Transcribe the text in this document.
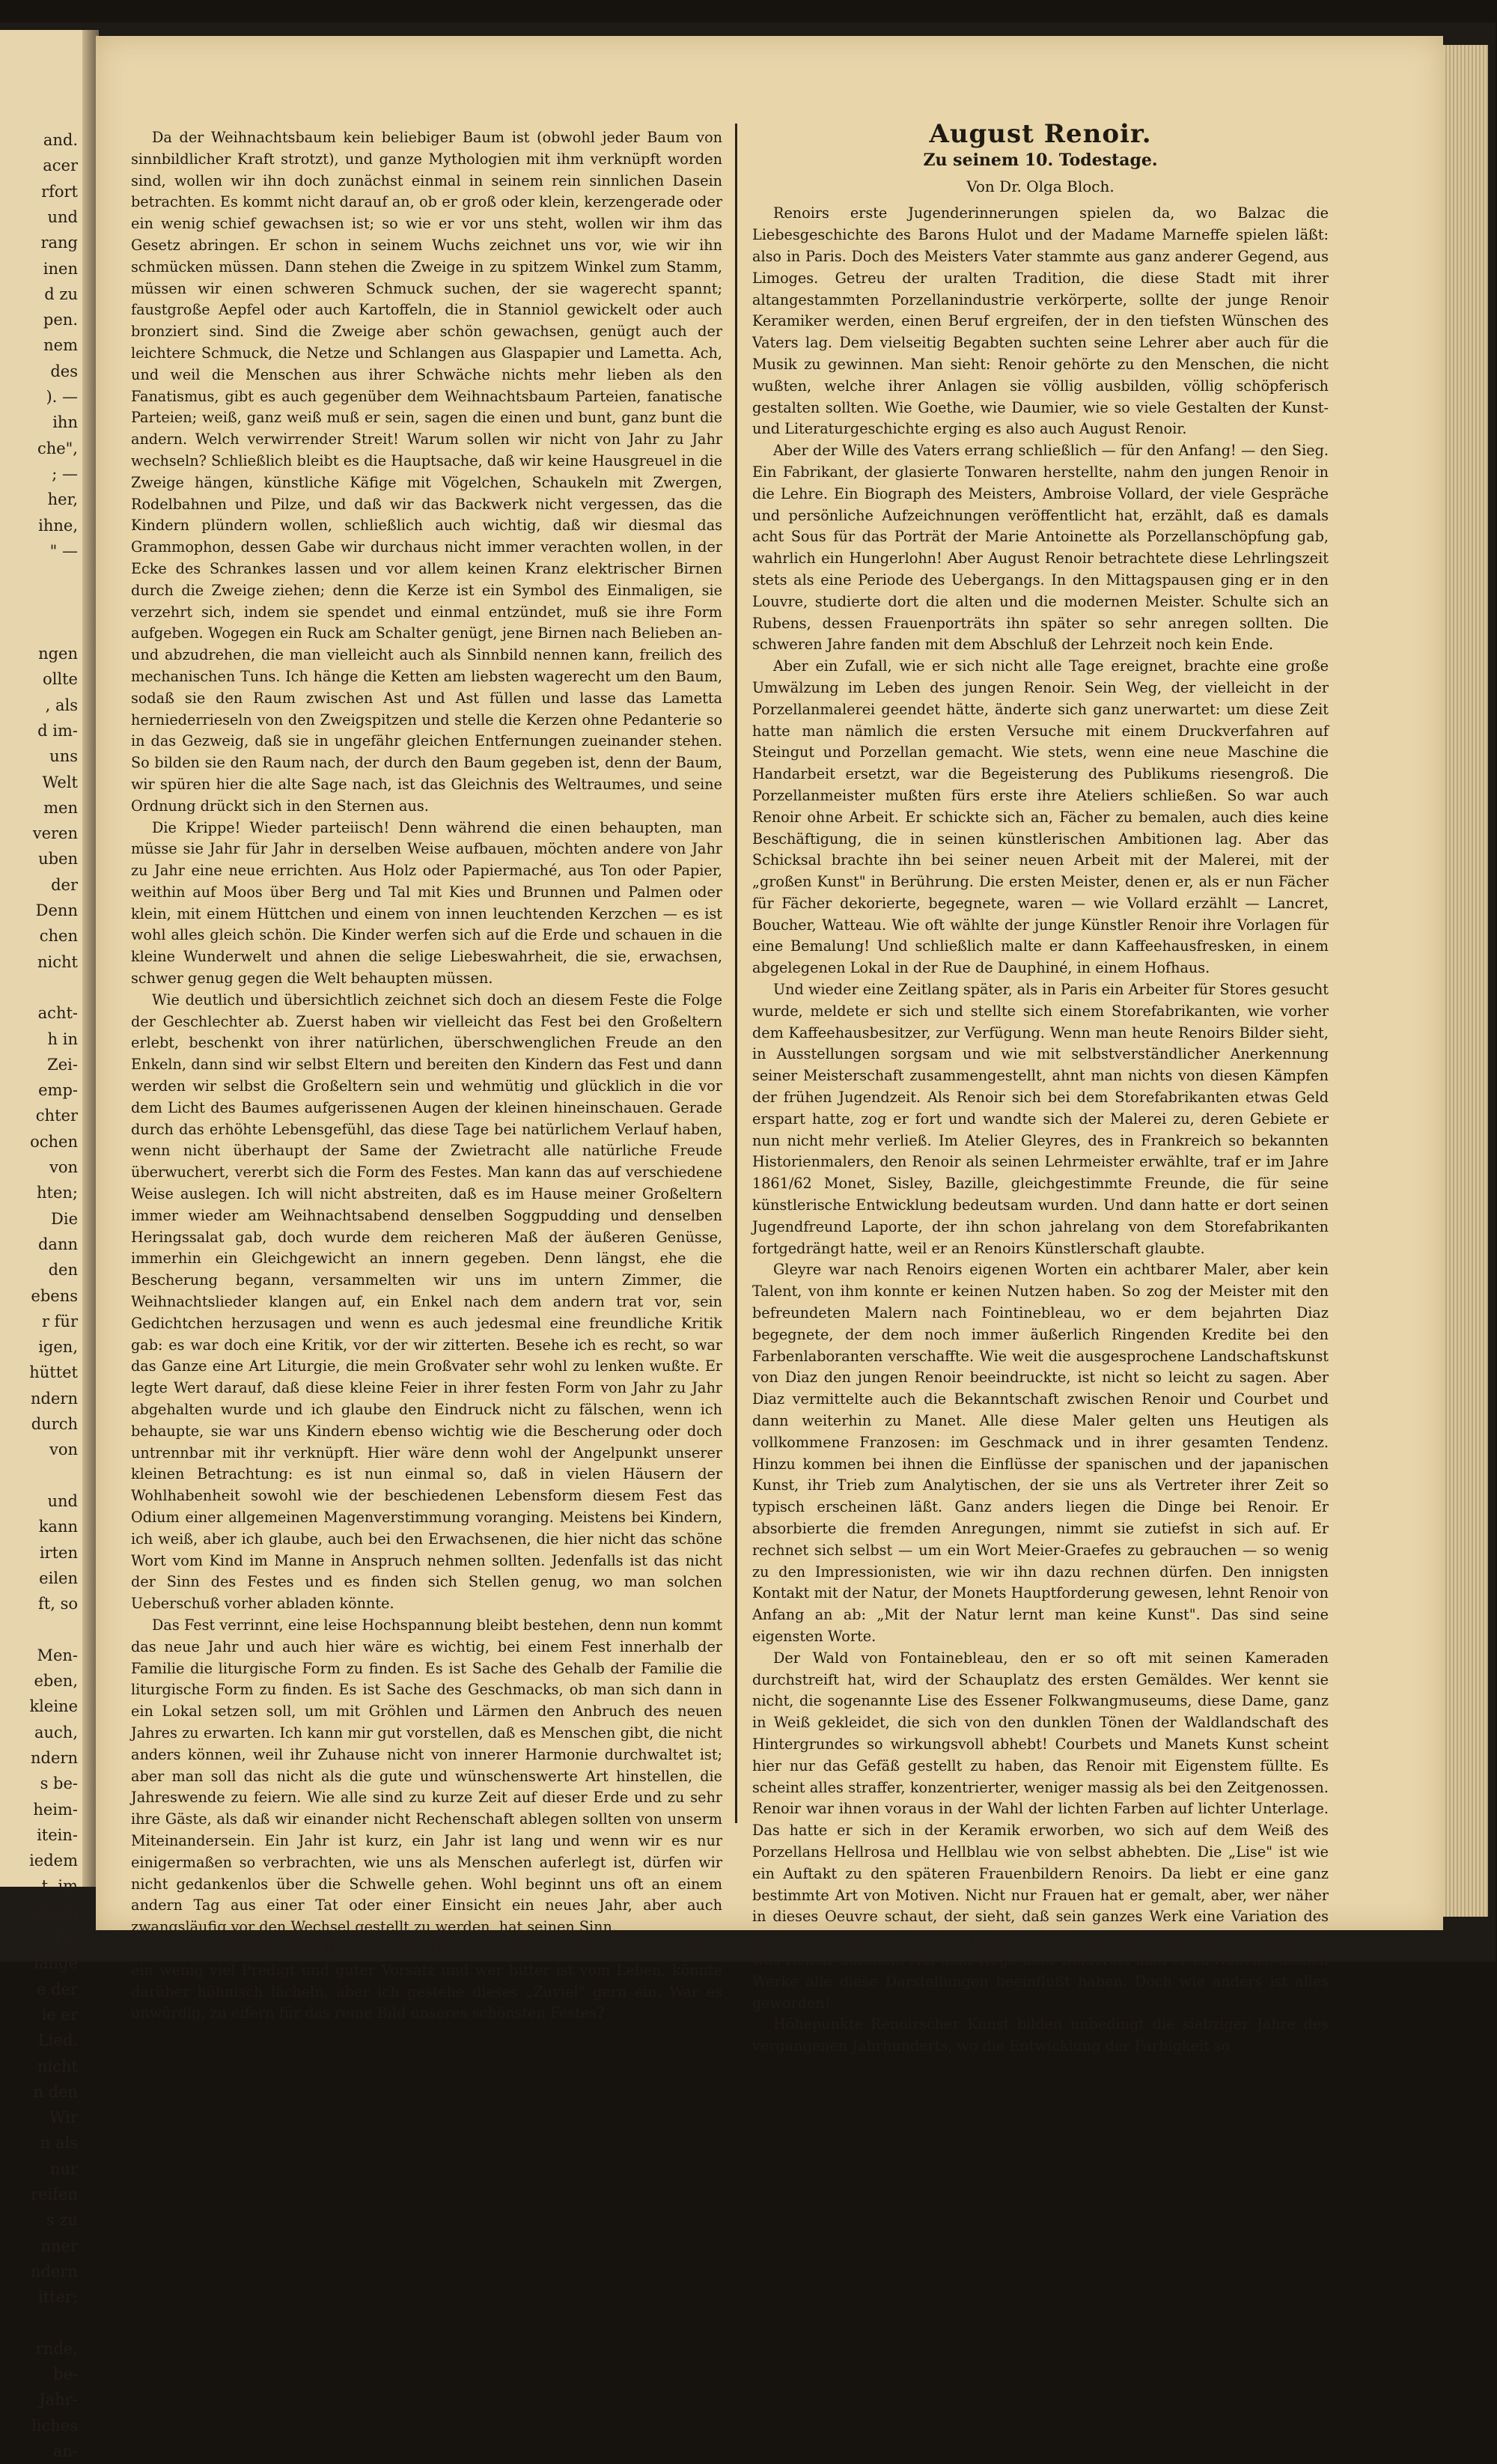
and.
acer
rfort
und
rang
inen
d zu
pen.
nem
des
). —
ihn
che",
; —
her,
ihne,
" —
ngen
ollte
, als
d im-
uns
Welt
men
veren
uben
der
Denn
chen
nicht
acht-
h in
Zei-
emp-
chter
ochen
von
hten;
Die
dann
den
ebens
r für
igen,
hüttet
ndern
durch
von
und
kann
irten
eilen
ft, so
Men-
eben,
kleine
auch,
ndern
s be-
heim-
itein-
iedem
t, im
nsam
Fa-
lange
e der
ie er
Lied.
nicht
n den
Wir
n als
nur
reifen
s zu
nner
ndern
itter;
rnde,
be-
Jahr-
liches
an-

Da der Weihnachtsbaum kein beliebiger Baum ist (obwohl jeder Baum von sinnbildlicher Kraft strotzt), und ganze Mythologien mit ihm verknüpft worden sind, wollen wir ihn doch zunächst einmal in seinem rein sinnlichen Dasein betrachten. Es kommt nicht darauf an, ob er groß oder klein, kerzengerade oder ein wenig schief gewachsen ist; so wie er vor uns steht, wollen wir ihm das Gesetz abringen. Er schon in seinem Wuchs zeichnet uns vor, wie wir ihn schmücken müssen. Dann stehen die Zweige in zu spitzem Winkel zum Stamm, müssen wir einen schweren Schmuck suchen, der sie wagerecht spannt; faustgroße Aepfel oder auch Kartoffeln, die in Stanniol gewickelt oder auch bronziert sind. Sind die Zweige aber schön gewachsen, genügt auch der leichtere Schmuck, die Netze und Schlangen aus Glaspapier und Lametta. Ach, und weil die Menschen aus ihrer Schwäche nichts mehr lieben als den Fanatismus, gibt es auch gegenüber dem Weihnachtsbaum Parteien, fanatische Parteien; weiß, ganz weiß muß er sein, sagen die einen und bunt, ganz bunt die andern. Welch verwirrender Streit! Warum sollen wir nicht von Jahr zu Jahr wechseln? Schließlich bleibt es die Hauptsache, daß wir keine Hausgreuel in die Zweige hängen, künstliche Käfige mit Vögelchen, Schaukeln mit Zwergen, Rodelbahnen und Pilze, und daß wir das Backwerk nicht vergessen, das die Kindern plündern wollen, schließlich auch wichtig, daß wir diesmal das Grammophon, dessen Gabe wir durchaus nicht immer verachten wollen, in der Ecke des Schrankes lassen und vor allem keinen Kranz elektrischer Birnen durch die Zweige ziehen; denn die Kerze ist ein Symbol des Einmaligen, sie verzehrt sich, indem sie spendet und einmal entzündet, muß sie ihre Form aufgeben. Wogegen ein Ruck am Schalter genügt, jene Birnen nach Belieben an- und abzudrehen, die man vielleicht auch als Sinnbild nennen kann, freilich des mechanischen Tuns. Ich hänge die Ketten am liebsten wagerecht um den Baum, sodaß sie den Raum zwischen Ast und Ast füllen und lasse das Lametta herniederrieseln von den Zweigspitzen und stelle die Kerzen ohne Pedanterie so in das Gezweig, daß sie in ungefähr gleichen Entfernungen zueinander stehen. So bilden sie den Raum nach, der durch den Baum gegeben ist, denn der Baum, wir spüren hier die alte Sage nach, ist das Gleichnis des Weltraumes, und seine Ordnung drückt sich in den Sternen aus.

Die Krippe! Wieder parteiisch! Denn während die einen behaupten, man müsse sie Jahr für Jahr in derselben Weise aufbauen, möchten andere von Jahr zu Jahr eine neue errichten. Aus Holz oder Papiermaché, aus Ton oder Papier, weithin auf Moos über Berg und Tal mit Kies und Brunnen und Palmen oder klein, mit einem Hüttchen und einem von innen leuchtenden Kerzchen — es ist wohl alles gleich schön. Die Kinder werfen sich auf die Erde und schauen in die kleine Wunderwelt und ahnen die selige Liebeswahrheit, die sie, erwachsen, schwer genug gegen die Welt behaupten müssen.

Wie deutlich und übersichtlich zeichnet sich doch an diesem Feste die Folge der Geschlechter ab. Zuerst haben wir vielleicht das Fest bei den Großeltern erlebt, beschenkt von ihrer natürlichen, überschwenglichen Freude an den Enkeln, dann sind wir selbst Eltern und bereiten den Kindern das Fest und dann werden wir selbst die Großeltern sein und wehmütig und glücklich in die vor dem Licht des Baumes aufgerissenen Augen der kleinen hineinschauen. Gerade durch das erhöhte Lebensgefühl, das diese Tage bei natürlichem Verlauf haben, wenn nicht überhaupt der Same der Zwietracht alle natürliche Freude überwuchert, vererbt sich die Form des Festes. Man kann das auf verschiedene Weise auslegen. Ich will nicht abstreiten, daß es im Hause meiner Großeltern immer wieder am Weihnachtsabend denselben Soggpudding und denselben Heringssalat gab, doch wurde dem reicheren Maß der äußeren Genüsse, immerhin ein Gleichgewicht an innern gegeben. Denn längst, ehe die Bescherung begann, versammelten wir uns im untern Zimmer, die Weihnachtslieder klangen auf, ein Enkel nach dem andern trat vor, sein Gedichtchen herzusagen und wenn es auch jedesmal eine freundliche Kritik gab: es war doch eine Kritik, vor der wir zitterten. Besehe ich es recht, so war das Ganze eine Art Liturgie, die mein Großvater sehr wohl zu lenken wußte. Er legte Wert darauf, daß diese kleine Feier in ihrer festen Form von Jahr zu Jahr abgehalten wurde und ich glaube den Eindruck nicht zu fälschen, wenn ich behaupte, sie war uns Kindern ebenso wichtig wie die Bescherung oder doch untrennbar mit ihr verknüpft. Hier wäre denn wohl der Angelpunkt unserer kleinen Betrachtung: es ist nun einmal so, daß in vielen Häusern der Wohlhabenheit sowohl wie der beschiedenen Lebensform diesem Fest das Odium einer allgemeinen Magenverstimmung voranging. Meistens bei Kindern, ich weiß, aber ich glaube, auch bei den Erwachsenen, die hier nicht das schöne Wort vom Kind im Manne in Anspruch nehmen sollten. Jedenfalls ist das nicht der Sinn des Festes und es finden sich Stellen genug, wo man solchen Ueberschuß vorher abladen könnte.

Das Fest verrinnt, eine leise Hochspannung bleibt bestehen, denn nun kommt das neue Jahr und auch hier wäre es wichtig, bei einem Fest innerhalb der Familie die liturgische Form zu finden. Es ist Sache des Gehalb der Familie die liturgische Form zu finden. Es ist Sache des Geschmacks, ob man sich dann in ein Lokal setzen soll, um mit Gröhlen und Lärmen den Anbruch des neuen Jahres zu erwarten. Ich kann mir gut vorstellen, daß es Menschen gibt, die nicht anders können, weil ihr Zuhause nicht von innerer Harmonie durchwaltet ist; aber man soll das nicht als die gute und wünschenswerte Art hinstellen, die Jahreswende zu feiern. Wie alle sind zu kurze Zeit auf dieser Erde und zu sehr ihre Gäste, als daß wir einander nicht Rechenschaft ablegen sollten von unserm Miteinandersein. Ein Jahr ist kurz, ein Jahr ist lang und wenn wir es nur einigermaßen so verbrachten, wie uns als Menschen auferlegt ist, dürfen wir nicht gedankenlos über die Schwelle gehen. Wohl beginnt uns oft an einem andern Tag aus einer Tat oder einer Einsicht ein neues Jahr, aber auch zwangsläufig vor den Wechsel gestellt zu werden, hat seinen Sinn.

Es war in diesem Schriftsatz viel die Rede von „wir müssen" und „es sollte", ein wenig viel Predigt und guter Vorsatz und wer bitter ist vom Leben, könnte darüber höhnisch lächeln, aber ich gestehe dieses „Zuviel" gern ein. War es unwürdig, zu eifern für das reine Bild unseres schönsten Festes?

August Renoir.
Zu seinem 10. Todestage.
Von Dr. Olga Bloch.

Renoirs erste Jugenderinnerungen spielen da, wo Balzac die Liebesgeschichte des Barons Hulot und der Madame Marneffe spielen läßt: also in Paris. Doch des Meisters Vater stammte aus ganz anderer Gegend, aus Limoges. Getreu der uralten Tradition, die diese Stadt mit ihrer altangestammten Porzellanindustrie verkörperte, sollte der junge Renoir Keramiker werden, einen Beruf ergreifen, der in den tiefsten Wünschen des Vaters lag. Dem vielseitig Begabten suchten seine Lehrer aber auch für die Musik zu gewinnen. Man sieht: Renoir gehörte zu den Menschen, die nicht wußten, welche ihrer Anlagen sie völlig ausbilden, völlig schöpferisch gestalten sollten. Wie Goethe, wie Daumier, wie so viele Gestalten der Kunst- und Literaturgeschichte erging es also auch August Renoir.

Aber der Wille des Vaters errang schließlich — für den Anfang! — den Sieg. Ein Fabrikant, der glasierte Tonwaren herstellte, nahm den jungen Renoir in die Lehre. Ein Biograph des Meisters, Ambroise Vollard, der viele Gespräche und persönliche Aufzeichnungen veröffentlicht hat, erzählt, daß es damals acht Sous für das Porträt der Marie Antoinette als Porzellanschöpfung gab, wahrlich ein Hungerlohn! Aber August Renoir betrachtete diese Lehrlingszeit stets als eine Periode des Uebergangs. In den Mittagspausen ging er in den Louvre, studierte dort die alten und die modernen Meister. Schulte sich an Rubens, dessen Frauenporträts ihn später so sehr anregen sollten. Die schweren Jahre fanden mit dem Abschluß der Lehrzeit noch kein Ende.

Aber ein Zufall, wie er sich nicht alle Tage ereignet, brachte eine große Umwälzung im Leben des jungen Renoir. Sein Weg, der vielleicht in der Porzellanmalerei geendet hätte, änderte sich ganz unerwartet: um diese Zeit hatte man nämlich die ersten Versuche mit einem Druckverfahren auf Steingut und Porzellan gemacht. Wie stets, wenn eine neue Maschine die Handarbeit ersetzt, war die Begeisterung des Publikums riesengroß. Die Porzellanmeister mußten fürs erste ihre Ateliers schließen. So war auch Renoir ohne Arbeit. Er schickte sich an, Fächer zu bemalen, auch dies keine Beschäftigung, die in seinen künstlerischen Ambitionen lag. Aber das Schicksal brachte ihn bei seiner neuen Arbeit mit der Malerei, mit der „großen Kunst" in Berührung. Die ersten Meister, denen er, als er nun Fächer für Fächer dekorierte, begegnete, waren — wie Vollard erzählt — Lancret, Boucher, Watteau. Wie oft wählte der junge Künstler Renoir ihre Vorlagen für eine Bemalung! Und schließlich malte er dann Kaffeehausfresken, in einem abgelegenen Lokal in der Rue de Dauphiné, in einem Hofhaus.

Und wieder eine Zeitlang später, als in Paris ein Arbeiter für Stores gesucht wurde, meldete er sich und stellte sich einem Storefabrikanten, wie vorher dem Kaffeehausbesitzer, zur Verfügung. Wenn man heute Renoirs Bilder sieht, in Ausstellungen sorgsam und wie mit selbstverständlicher Anerkennung seiner Meisterschaft zusammengestellt, ahnt man nichts von diesen Kämpfen der frühen Jugendzeit. Als Renoir sich bei dem Storefabrikanten etwas Geld erspart hatte, zog er fort und wandte sich der Malerei zu, deren Gebiete er nun nicht mehr verließ. Im Atelier Gleyres, des in Frankreich so bekannten Historienmalers, den Renoir als seinen Lehrmeister erwählte, traf er im Jahre 1861/62 Monet, Sisley, Bazille, gleichgestimmte Freunde, die für seine künstlerische Entwicklung bedeutsam wurden. Und dann hatte er dort seinen Jugendfreund Laporte, der ihn schon jahrelang von dem Storefabrikanten fortgedrängt hatte, weil er an Renoirs Künstlerschaft glaubte.

Gleyre war nach Renoirs eigenen Worten ein achtbarer Maler, aber kein Talent, von ihm konnte er keinen Nutzen haben. So zog der Meister mit den befreundeten Malern nach Fointinebleau, wo er dem bejahrten Diaz begegnete, der dem noch immer äußerlich Ringenden Kredite bei den Farbenlaboranten verschaffte. Wie weit die ausgesprochene Landschaftskunst von Diaz den jungen Renoir beeindruckte, ist nicht so leicht zu sagen. Aber Diaz vermittelte auch die Bekanntschaft zwischen Renoir und Courbet und dann weiterhin zu Manet. Alle diese Maler gelten uns Heutigen als vollkommene Franzosen: im Geschmack und in ihrer gesamten Tendenz. Hinzu kommen bei ihnen die Einflüsse der spanischen und der japanischen Kunst, ihr Trieb zum Analytischen, der sie uns als Vertreter ihrer Zeit so typisch erscheinen läßt. Ganz anders liegen die Dinge bei Renoir. Er absorbierte die fremden Anregungen, nimmt sie zutiefst in sich auf. Er rechnet sich selbst — um ein Wort Meier-Graefes zu gebrauchen — so wenig zu den Impressionisten, wie wir ihn dazu rechnen dürfen. Den innigsten Kontakt mit der Natur, der Monets Hauptforderung gewesen, lehnt Renoir von Anfang an ab: „Mit der Natur lernt man keine Kunst". Das sind seine eigensten Worte.

Der Wald von Fontainebleau, den er so oft mit seinen Kameraden durchstreift hat, wird der Schauplatz des ersten Gemäldes. Wer kennt sie nicht, die sogenannte Lise des Essener Folkwangmuseums, diese Dame, ganz in Weiß gekleidet, die sich von den dunklen Tönen der Waldlandschaft des Hintergrundes so wirkungsvoll abhebt! Courbets und Manets Kunst scheint hier nur das Gefäß gestellt zu haben, das Renoir mit Eigenstem füllte. Es scheint alles straffer, konzentrierter, weniger massig als bei den Zeitgenossen. Renoir war ihnen voraus in der Wahl der lichten Farben auf lichter Unterlage. Das hatte er sich in der Keramik erworben, wo sich auf dem Weiß des Porzellans Hellrosa und Hellblau wie von selbst abhebten. Die „Lise" ist wie ein Auftakt zu den späteren Frauenbildern Renoirs. Da liebt er eine ganz bestimmte Art von Motiven. Nicht nur Frauen hat er gemalt, aber, wer näher in dieses Oeuvre schaut, der sieht, daß sein ganzes Werk eine Variation des gleichen Themas ist. Die Frau allein — ohne szenisches Beiwerk — das ist es, was Renoir darstellt. Auf dem Wege über Delacroix kam er zu Rubens, dessen Werke alle diese Darstellungen beeinflußt haben. Doch wie anders ist alles geworden!

Höhepunkte Renoirscher Kunst bilden unbedingt die siebziger Jahre des vergangenen Jahrhunderts, wo die Entwicklung der Farbigkeit so
